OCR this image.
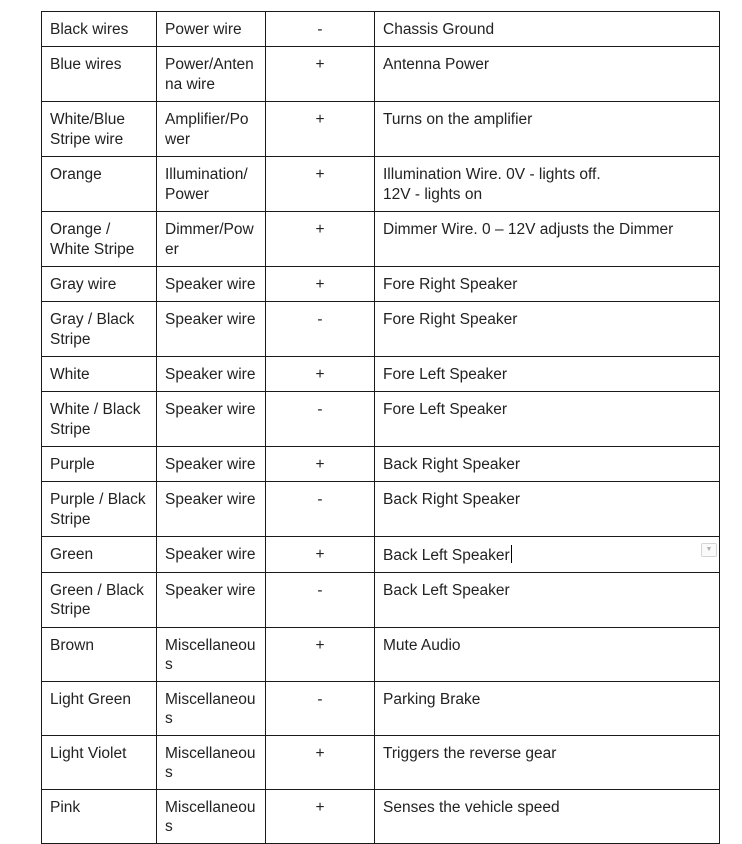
Black wires	Power wire	-	Chassis Ground
Blue wires	Power/Antenna wire	+	Antenna Power
White/Blue Stripe wire	Amplifier/Power	+	Turns on the amplifier
Orange	Illumination/Power	+	Illumination Wire. 0V - lights off. 12V - lights on
Orange / White Stripe	Dimmer/Power	+	Dimmer Wire. 0 – 12V adjusts the Dimmer
Gray wire	Speaker wire	+	Fore Right Speaker
Gray / Black Stripe	Speaker wire	-	Fore Right Speaker
White	Speaker wire	+	Fore Left Speaker
White / Black Stripe	Speaker wire	-	Fore Left Speaker
Purple	Speaker wire	+	Back Right Speaker
Purple / Black Stripe	Speaker wire	-	Back Right Speaker
Green	Speaker wire	+	Back Left Speaker ▼

Green / Black Stripe	Speaker wire	-	Back Left Speaker
Brown	Miscellaneous	+	Mute Audio
Light Green	Miscellaneous	-	Parking Brake
Light Violet	Miscellaneous	+	Triggers the reverse gear
Pink	Miscellaneous	+	Senses the vehicle speed
